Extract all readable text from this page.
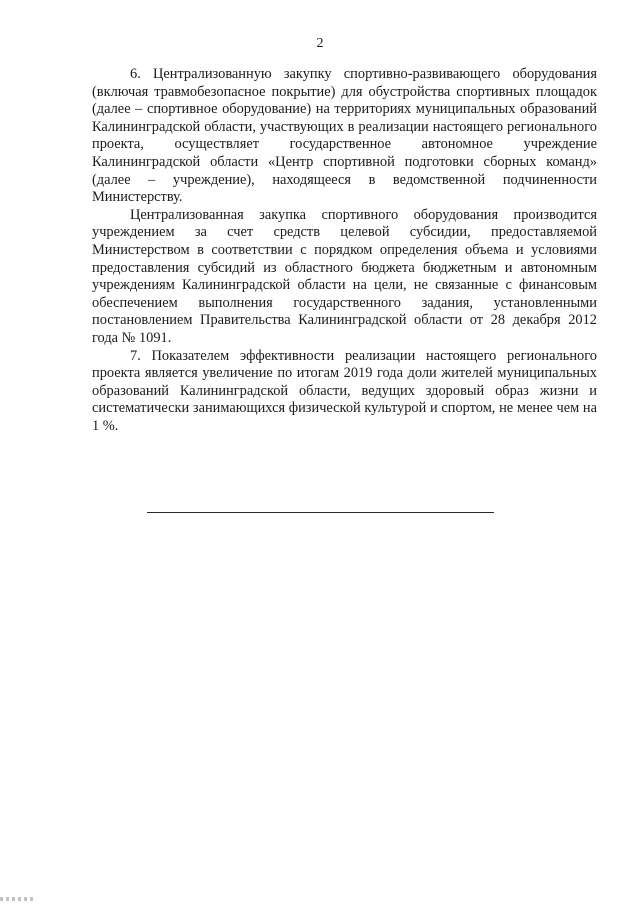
2

6. Централизованную закупку спортивно-развивающего оборудования (включая травмобезопасное покрытие) для обустройства спортивных площадок (далее – спортивное оборудование) на территориях муниципальных образований Калининградской области, участвующих в реализации настоящего регионального проекта, осуществляет государственное автономное учреждение Калининградской области «Центр спортивной подготовки сборных команд» (далее – учреждение), находящееся в ведомственной подчиненности Министерству.

Централизованная закупка спортивного оборудования производится учреждением за счет средств целевой субсидии, предоставляемой Министерством в соответствии с порядком определения объема и условиями предоставления субсидий из областного бюджета бюджетным и автономным учреждениям Калининградской области на цели, не связанные с финансовым обеспечением выполнения государственного задания, установленными постановлением Правительства Калининградской области от 28 декабря 2012 года № 1091.

7. Показателем эффективности реализации настоящего регионального проекта является увеличение по итогам 2019 года доли жителей муниципальных образований Калининградской области, ведущих здоровый образ жизни и систематически занимающихся физической культурой и спортом, не менее чем на 1 %.
